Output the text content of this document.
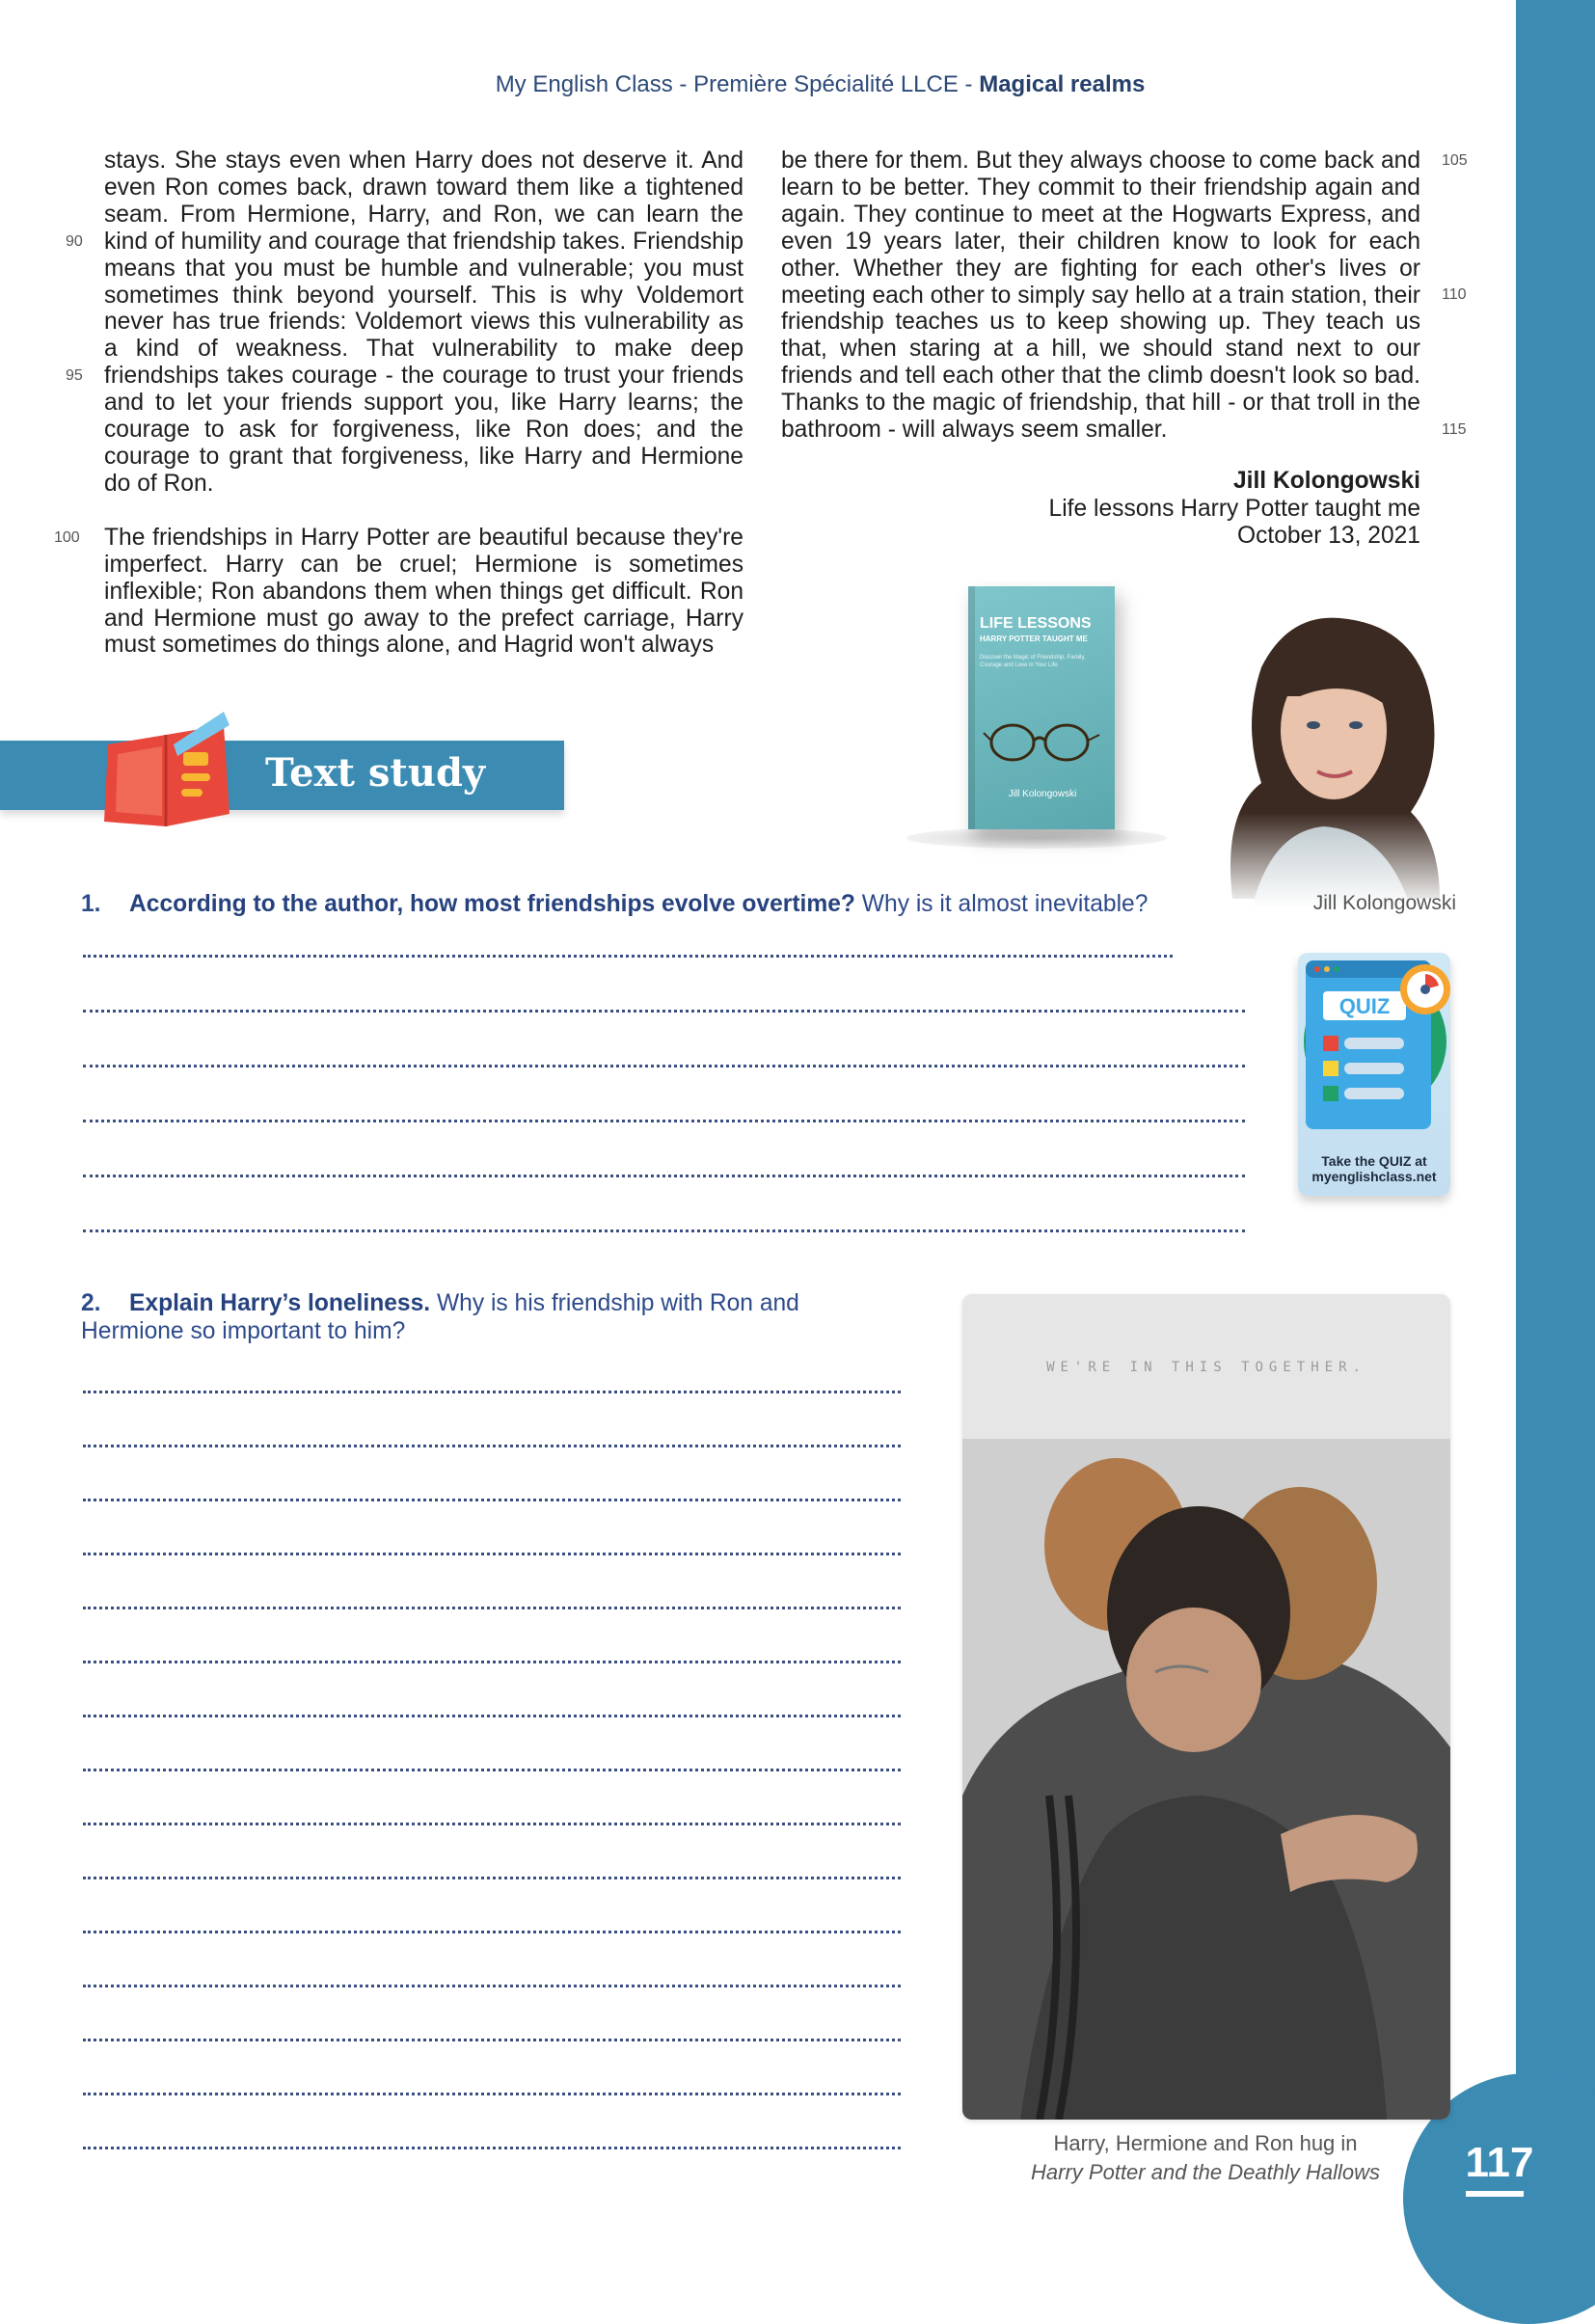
117
My English Class - Première Spécialité LLCE - Magical realms

stays. She stays even when Harry does not deserve it. And even Ron comes back, drawn toward them like a tightened seam. From Hermione, Harry, and Ron, we can learn the kind of humility and courage that friendship takes. Friendship means that you must be humble and vulnerable; you must sometimes think beyond yourself. This is why Voldemort never has true friends: Voldemort views this vulnerability as a kind of weakness. That vulnerability to make deep friendships takes courage - the courage to trust your friends and to let your friends support you, like Harry learns; the courage to ask for forgiveness, like Ron does; and the courage to grant that forgiveness, like Harry and Hermione do of Ron.

The friendships in Harry Potter are beautiful because they're imperfect. Harry can be cruel; Hermione is sometimes inflexible; Ron abandons them when things get difficult. Ron and Hermione must go away to the prefect carriage, Harry must sometimes do things alone, and Hagrid won't always

be there for them. But they always choose to come back and learn to be better. They commit to their friendship again and again. They continue to meet at the Hogwarts Express, and even 19 years later, their children know to look for each other. Whether they are fighting for each other's lives or meeting each other to simply say hello at a train station, their friendship teaches us to keep showing up. They teach us that, when staring at a hill, we should stand next to our friends and tell each other that the climb doesn't look so bad. Thanks to the magic of friendship, that hill - or that troll in the bathroom - will always seem smaller.

90
95
100
105
110
115
Jill Kolongowski
Life lessons Harry Potter taught me
October 13, 2021
LIFE LESSONS
HARRY POTTER TAUGHT ME
Discover the Magic of Friendship, Family, Courage and Love in Your Life
Jill Kolongowski
Jill Kolongowski
Text study
1. According to the author, how most friendships evolve overtime? Why is it almost inevitable?
QUIZ
Take the QUIZ at
myenglishclass.net
2. Explain Harry’s loneliness. Why is his friendship with Ron and Hermione so important to him?
WE'RE IN THIS TOGETHER.
Harry, Hermione and Ron hug in
Harry Potter and the Deathly Hallows
